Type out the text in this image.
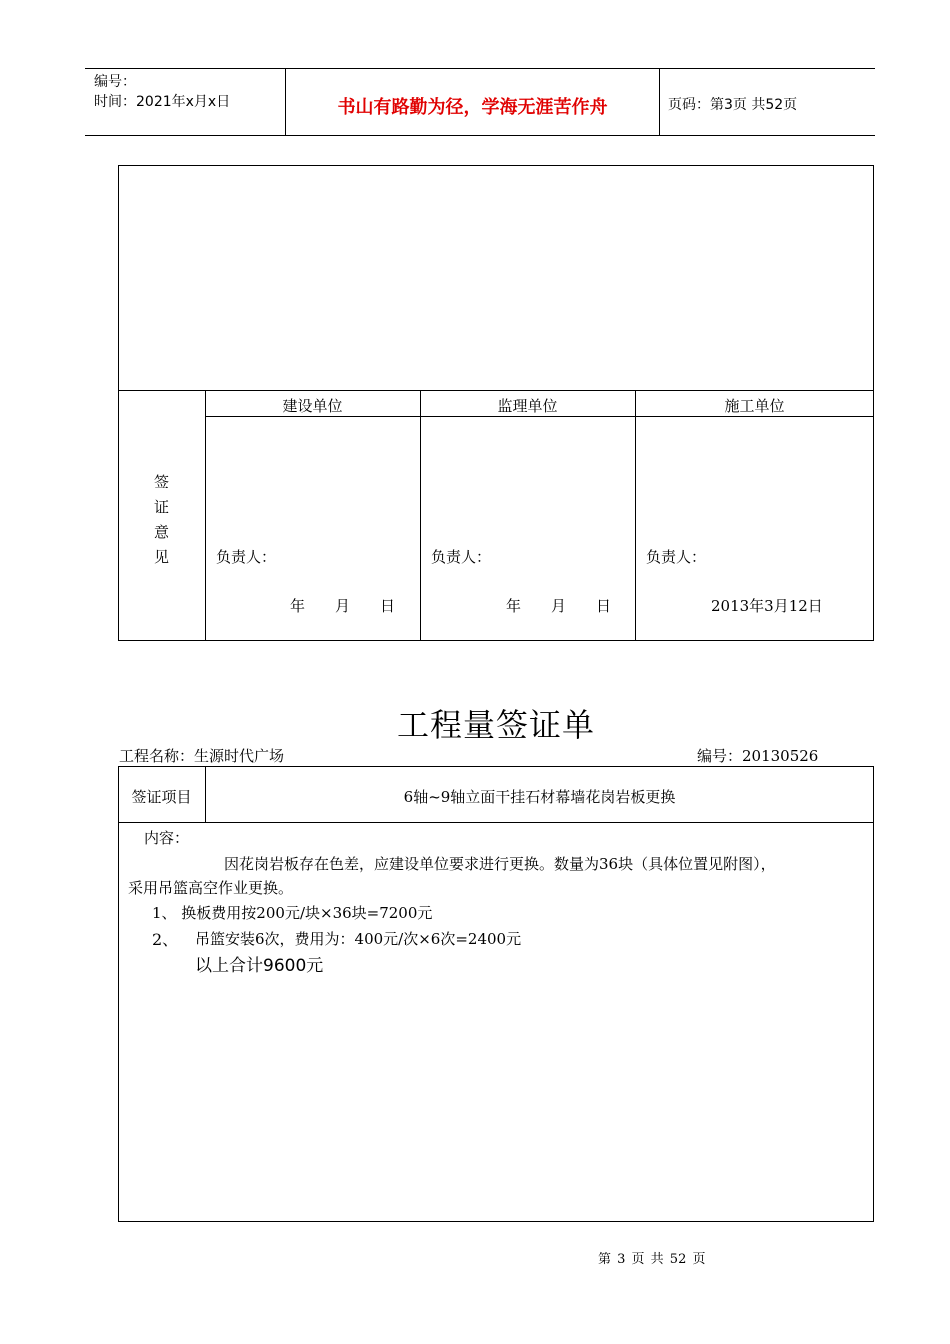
编号：
时间：2021年x月x日	书山有路勤为径，学海无涯苦作舟	页码：第3页 共52页
签
证
意
见
建设单位	监理单位	施工单位
负责人：	负责人：	负责人：
年　　月　　日	年　　月　　日	2013年3月12日
工程量签证单
工程名称：生源时代广场	编号：20130526
签证项目	6轴~9轴立面干挂石材幕墙花岗岩板更换
内容：
因花岗岩板存在色差，应建设单位要求进行更换。数量为36块（具体位置见附图），
采用吊篮高空作业更换。
1、 换板费用按200元/块×36块=7200元
2、 吊篮安装6次，费用为：400元/次×6次=2400元
以上合计9600元
第 3 页 共 52 页
